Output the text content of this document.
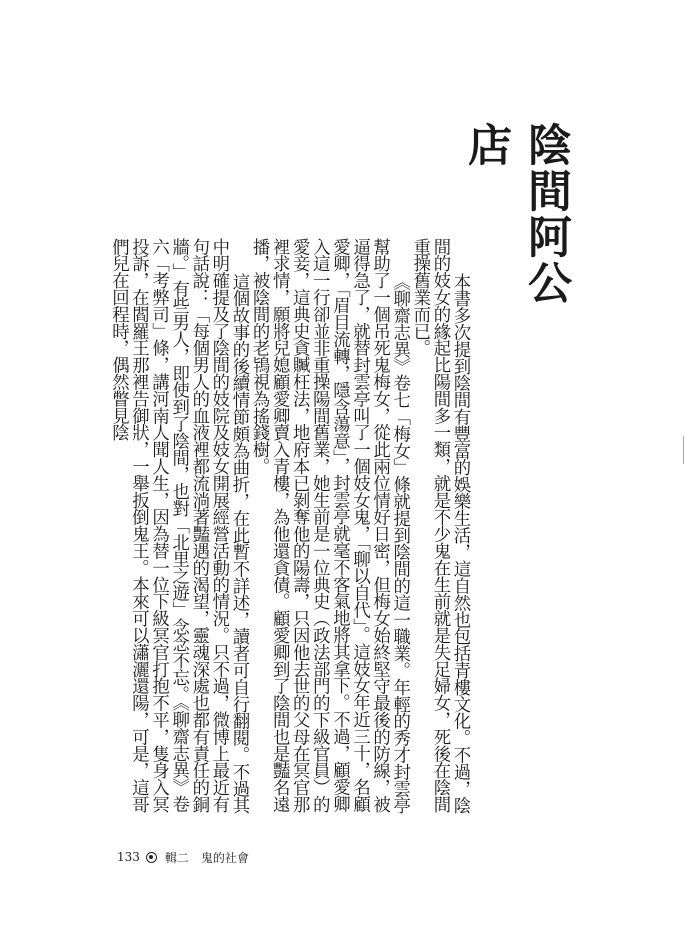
陰間阿公店

本書多次提到陰間有豐富的娛樂生活，這自然也包括青樓文化。不過，陰間的妓女的緣起比陽間多一類，就是不少鬼在生前就是失足婦女，死後在陰間重操舊業而已。

《聊齋志異》卷七「梅女」條就提到陰間的這一職業。年輕的秀才封雲亭幫助了一個吊死鬼梅女，從此兩位情好日密，但梅女始終堅守最後的防線，被逼得急了，就替封雲亭叫了一個妓女鬼，「聊以自代」。這妓女年近三十，名顧愛卿，「眉目流轉，隱含蕩意」，封雲亭就毫不客氣地將其拿下。不過，顧愛卿入這一行卻並非重操陽間舊業，她生前是一位典史（政法部門的下級官員）的愛妾，這典史貪贓枉法，地府本已剝奪他的陽壽，只因他去世的父母在冥官那裡求情，願將兒媳顧愛卿賣入青樓，為他還貪債。顧愛卿到了陰間也是豔名遠播，被陰間的老鴇視為搖錢樹。

這個故事的後續情節頗為曲折，在此暫不詳述，讀者可自行翻閱。不過其中明確提及了陰間的妓院及妓女開展經營活動的情況。只不過，微博上最近有句話說：「每個男人的血液裡都流淌著豔遇的渴望，靈魂深處也都有責任的銅牆。」有些男人，即使到了陰間，也對「北里之遊」念念不忘。《聊齋志異》卷六「考弊司」條，講河南人聞人生，因為替一位下級冥官打抱不平，隻身入冥投訴，在閻羅王那裡告御狀，一舉扳倒鬼王。本來可以瀟灑還陽，可是，這哥們兒在回程時，偶然瞥見陰

133 輯二　鬼的社會
